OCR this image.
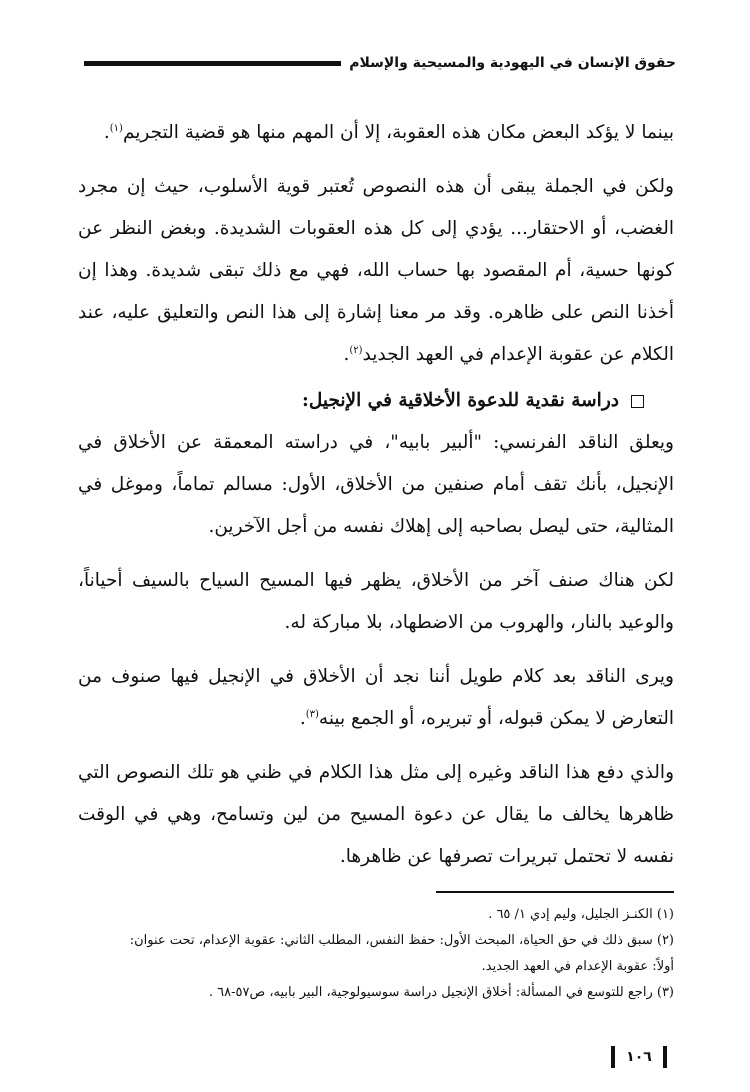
حقوق الإنسان في اليهودية والمسيحية والإسلام

بينما لا يؤكد البعض مكان هذه العقوبة، إلا أن المهم منها هو قضية التجريم$^{(١)}$.

ولكن في الجملة يبقى أن هذه النصوص تُعتبر قوية الأسلوب، حيث إن مجرد الغضب، أو الاحتقار... يؤدي إلى كل هذه العقوبات الشديدة. وبغض النظر عن كونها حسية، أم المقصود بها حساب الله، فهي مع ذلك تبقى شديدة. وهذا إن أخذنا النص على ظاهره. وقد مر معنا إشارة إلى هذا النص والتعليق عليه، عند الكلام عن عقوبة الإعدام في العهد الجديد$^{(٢)}$.

دراسة نقدية للدعوة الأخلاقية في الإنجيل:

ويعلق الناقد الفرنسي: "ألبير بابيه"، في دراسته المعمقة عن الأخلاق في الإنجيل، بأنك تقف أمام صنفين من الأخلاق، الأول: مسالم تماماً، وموغل في المثالية، حتى ليصل بصاحبه إلى إهلاك نفسه من أجل الآخرين.

لكن هناك صنف آخر من الأخلاق، يظهر فيها المسيح السياح بالسيف أحياناً، والوعيد بالنار، والهروب من الاضطهاد، بلا مباركة له.

ويرى الناقد بعد كلام طويل أننا نجد أن الأخلاق في الإنجيل فيها صنوف من التعارض لا يمكن قبوله، أو تبريره، أو الجمع بينه$^{(٣)}$.

والذي دفع هذا الناقد وغيره إلى مثل هذا الكلام في ظني هو تلك النصوص التي ظاهرها يخالف ما يقال عن دعوة المسيح من لين وتسامح، وهي في الوقت نفسه لا تحتمل تبريرات تصرفها عن ظاهرها.

(١) الكنـز الجليل، وليم إدي ١/ ٦٥ .

(٢) سبق ذلك في حق الحياة، المبحث الأول: حفظ النفس، المطلب الثاني: عقوبة الإعدام، تحت عنوان:

أولاً: عقوبة الإعدام في العهد الجديد.

(٣) راجع للتوسع في المسألة: أخلاق الإنجيل دراسة سوسيولوجية، البير بابيه، ص٥٧-٦٨ .

١٠٦
